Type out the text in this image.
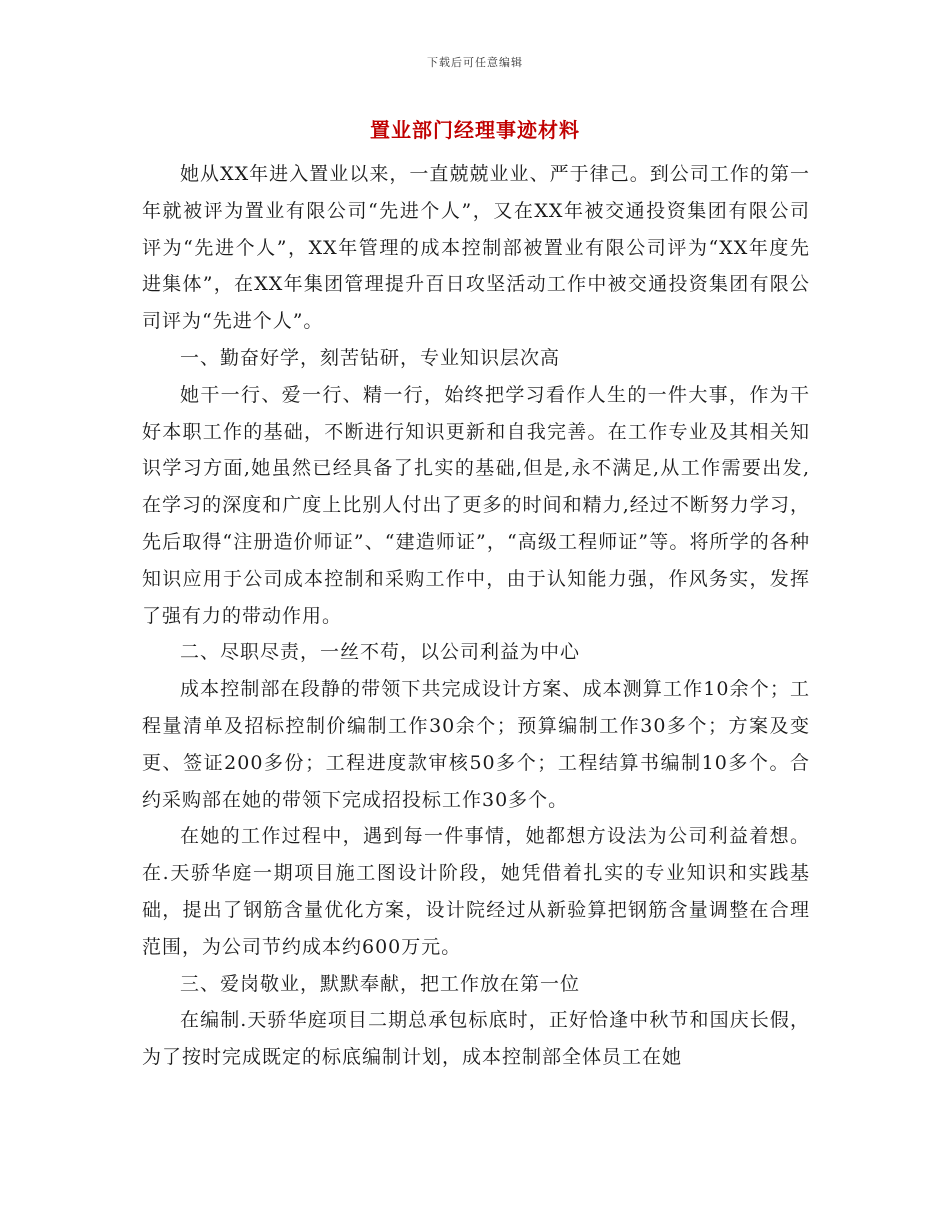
下载后可任意编辑
置业部门经理事迹材料

她从XX年进入置业以来，一直兢兢业业、严于律己。到公司工作的第一年就被评为置业有限公司“先进个人”，又在XX年被交通投资集团有限公司评为“先进个人”，XX年管理的成本控制部被置业有限公司评为“XX年度先进集体”，在XX年集团管理提升百日攻坚活动工作中被交通投资集团有限公司评为“先进个人”。

一、勤奋好学，刻苦钻研，专业知识层次高

她干一行、爱一行、精一行，始终把学习看作人生的一件大事，作为干好本职工作的基础，不断进行知识更新和自我完善。在工作专业及其相关知识学习方面,她虽然已经具备了扎实的基础,但是,永不满足,从工作需要出发,在学习的深度和广度上比别人付出了更多的时间和精力,经过不断努力学习，先后取得“注册造价师证”、“建造师证”，“高级工程师证”等。将所学的各种知识应用于公司成本控制和采购工作中，由于认知能力强，作风务实，发挥了强有力的带动作用。

二、尽职尽责，一丝不苟，以公司利益为中心

成本控制部在段静的带领下共完成设计方案、成本测算工作10余个；工程量清单及招标控制价编制工作30余个；预算编制工作30多个；方案及变更、签证200多份；工程进度款审核50多个；工程结算书编制10多个。合约采购部在她的带领下完成招投标工作30多个。

在她的工作过程中，遇到每一件事情，她都想方设法为公司利益着想。在.天骄华庭一期项目施工图设计阶段，她凭借着扎实的专业知识和实践基础，提出了钢筋含量优化方案，设计院经过从新验算把钢筋含量调整在合理范围，为公司节约成本约600万元。

三、爱岗敬业，默默奉献，把工作放在第一位

在编制.天骄华庭项目二期总承包标底时，正好恰逢中秋节和国庆长假，为了按时完成既定的标底编制计划，成本控制部全体员工在她
